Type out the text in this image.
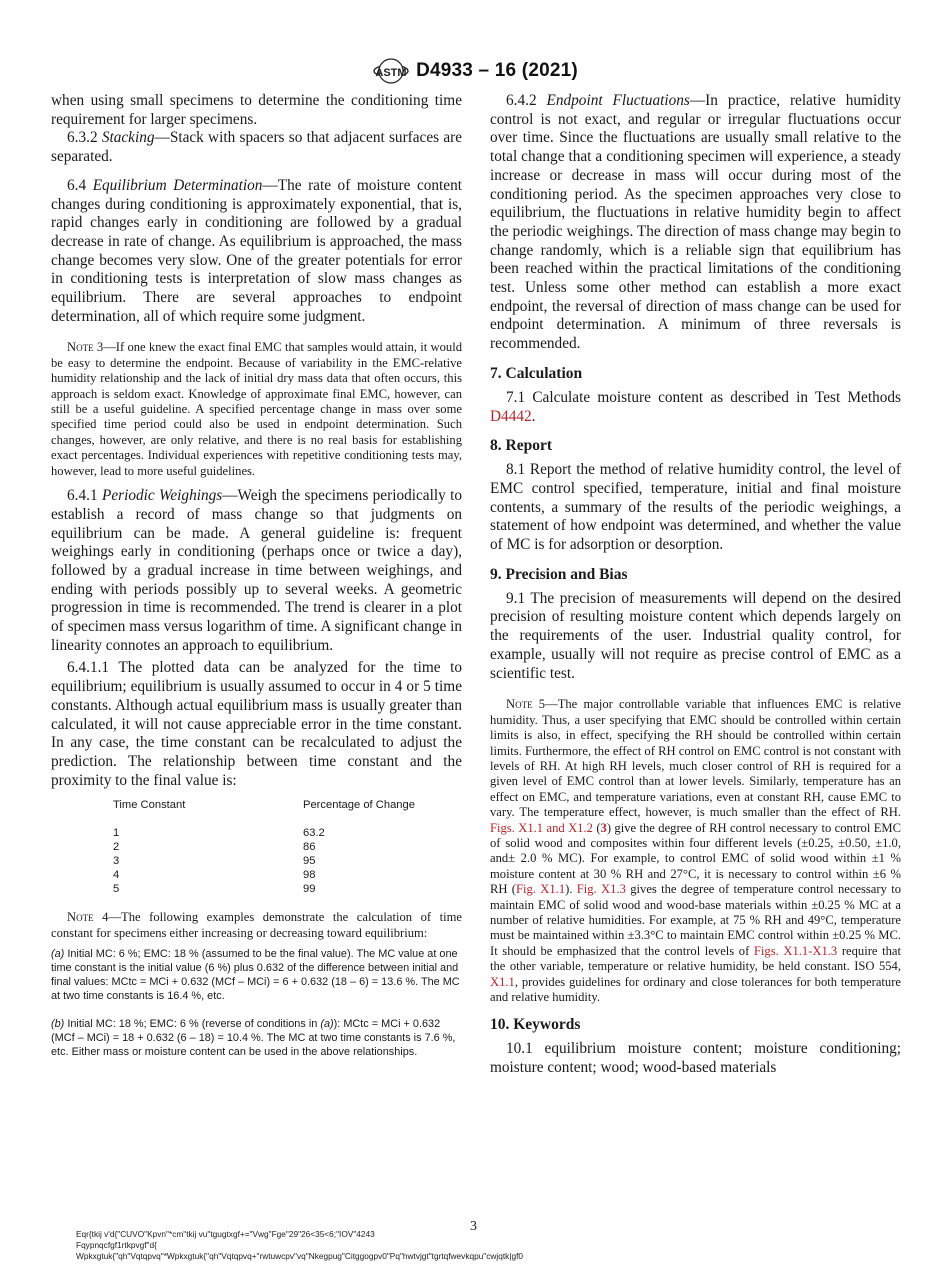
ASTM D4933 – 16 (2021)

when using small specimens to determine the conditioning time requirement for larger specimens.

6.3.2 Stacking—Stack with spacers so that adjacent surfaces are separated.

6.4 Equilibrium Determination—The rate of moisture content changes during conditioning is approximately exponential, that is, rapid changes early in conditioning are followed by a gradual decrease in rate of change. As equilibrium is approached, the mass change becomes very slow. One of the greater potentials for error in conditioning tests is interpretation of slow mass changes as equilibrium. There are several approaches to endpoint determination, all of which require some judgment.

Note 3—If one knew the exact final EMC that samples would attain, it would be easy to determine the endpoint. Because of variability in the EMC-relative humidity relationship and the lack of initial dry mass data that often occurs, this approach is seldom exact. Knowledge of approximate final EMC, however, can still be a useful guideline. A specified percentage change in mass over some specified time period could also be used in endpoint determination. Such changes, however, are only relative, and there is no real basis for establishing exact percentages. Individual experiences with repetitive conditioning tests may, however, lead to more useful guidelines.

6.4.1 Periodic Weighings—Weigh the specimens periodically to establish a record of mass change so that judgments on equilibrium can be made. A general guideline is: frequent weighings early in conditioning (perhaps once or twice a day), followed by a gradual increase in time between weighings, and ending with periods possibly up to several weeks. A geometric progression in time is recommended. The trend is clearer in a plot of specimen mass versus logarithm of time. A significant change in linearity connotes an approach to equilibrium.

6.4.1.1 The plotted data can be analyzed for the time to equilibrium; equilibrium is usually assumed to occur in 4 or 5 time constants. Although actual equilibrium mass is usually greater than calculated, it will not cause appreciable error in the time constant. In any case, the time constant can be recalculated to adjust the prediction. The relationship between time constant and the proximity to the final value is:

Time Constant	Percentage of Change
1	63.2
2	86
3	95
4	98
5	99

Note 4—The following examples demonstrate the calculation of time constant for specimens either increasing or decreasing toward equilibrium:

(a) Initial MC: 6 %; EMC: 18 % (assumed to be the final value). The MC value at one time constant is the initial value (6 %) plus 0.632 of the difference between initial and final values: MCtc = MCi + 0.632 (MCf – MCi) = 6 + 0.632 (18 – 6) = 13.6 %. The MC at two time constants is 16.4 %, etc.

(b) Initial MC: 18 %; EMC: 6 % (reverse of conditions in (a)): MCtc = MCi + 0.632 (MCf – MCi) = 18 + 0.632 (6 – 18) = 10.4 %. The MC at two time constants is 7.6 %, etc. Either mass or moisture content can be used in the above relationships.

6.4.2 Endpoint Fluctuations—In practice, relative humidity control is not exact, and regular or irregular fluctuations occur over time. Since the fluctuations are usually small relative to the total change that a conditioning specimen will experience, a steady increase or decrease in mass will occur during most of the conditioning period. As the specimen approaches very close to equilibrium, the fluctuations in relative humidity begin to affect the periodic weighings. The direction of mass change may begin to change randomly, which is a reliable sign that equilibrium has been reached within the practical limitations of the conditioning test. Unless some other method can establish a more exact endpoint, the reversal of direction of mass change can be used for endpoint determination. A minimum of three reversals is recommended.

7. Calculation

7.1 Calculate moisture content as described in Test Methods D4442.

8. Report

8.1 Report the method of relative humidity control, the level of EMC control specified, temperature, initial and final moisture contents, a summary of the results of the periodic weighings, a statement of how endpoint was determined, and whether the value of MC is for adsorption or desorption.

9. Precision and Bias

9.1 The precision of measurements will depend on the desired precision of resulting moisture content which depends largely on the requirements of the user. Industrial quality control, for example, usually will not require as precise control of EMC as a scientific test.

Note 5—The major controllable variable that influences EMC is relative humidity. Thus, a user specifying that EMC should be controlled within certain limits is also, in effect, specifying the RH should be controlled within certain limits. Furthermore, the effect of RH control on EMC control is not constant with levels of RH. At high RH levels, much closer control of RH is required for a given level of EMC control than at lower levels. Similarly, temperature has an effect on EMC, and temperature variations, even at constant RH, cause EMC to vary. The temperature effect, however, is much smaller than the effect of RH. Figs. X1.1 and X1.2 (3) give the degree of RH control necessary to control EMC of solid wood and composites within four different levels (±0.25, ±0.50, ±1.0, and± 2.0 % MC). For example, to control EMC of solid wood within ±1 % moisture content at 30 % RH and 27°C, it is necessary to control within ±6 % RH (Fig. X1.1). Fig. X1.3 gives the degree of temperature control necessary to maintain EMC of solid wood and wood-base materials within ±0.25 % MC at a number of relative humidities. For example, at 75 % RH and 49°C, temperature must be maintained within ±3.3°C to maintain EMC control within ±0.25 % MC. It should be emphasized that the control levels of Figs. X1.1-X1.3 require that the other variable, temperature or relative humidity, be held constant. ISO 554, X1.1, provides guidelines for ordinary and close tolerances for both temperature and relative humidity.

10. Keywords

10.1 equilibrium moisture content; moisture conditioning; moisture content; wood; wood-based materials

3
Eqr{tkij v'd{"CUVO"Kpvn"*cm"tkij vu"tgugtxgf+="Vwg"Fge"29"26<35<6;"IOV"4243
Fqypnqcfgf1rtkpvgf"d{
Wpkxgtuk{"qh"Vqtqpvq"*Wpkxgtuk{"qh"Vqtqpvq+"rwtuwcpv"vq"Nkegpug"Citggogpv0"Pq"hwtvjgt"tgrtqfwevkqpu"cwjqtk|gf0
